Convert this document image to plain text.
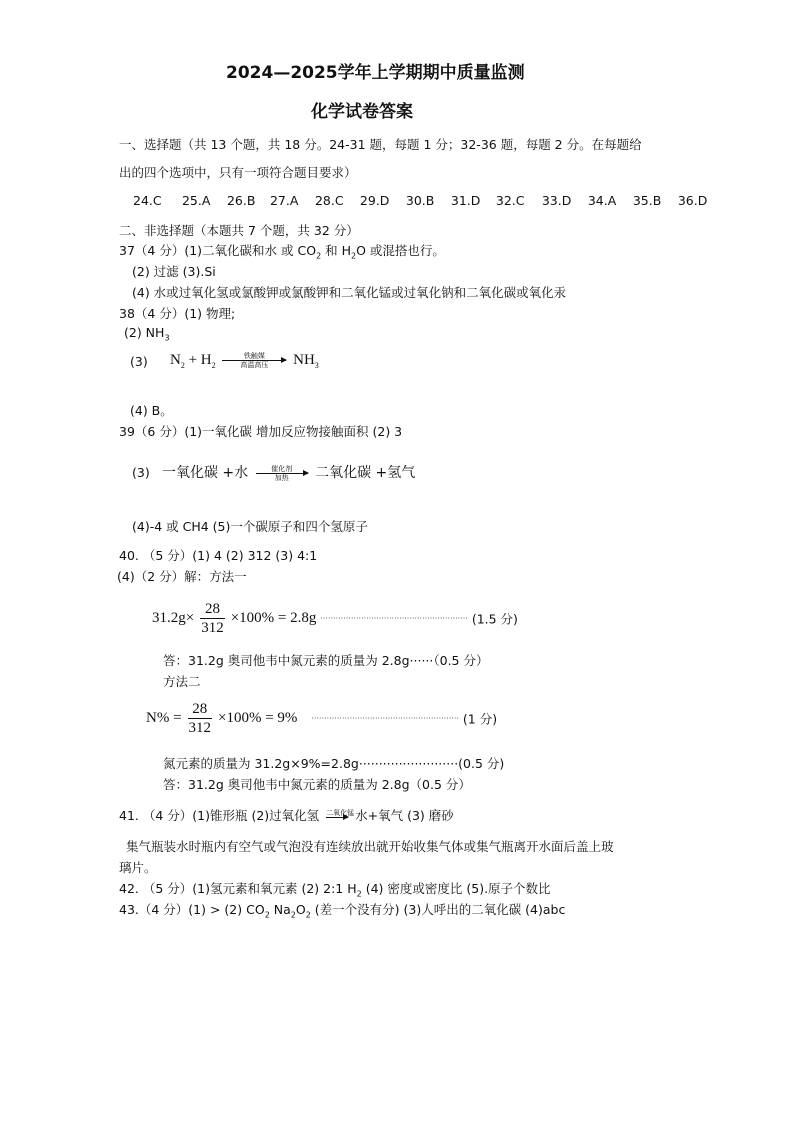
2024—2025学年上学期期中质量监测
化学试卷答案
一、选择题（共 13 个题，共 18 分。24-31 题，每题 1 分；32-36 题，每题 2 分。在每题给
出的四个选项中，只有一项符合题目要求）
24.C 25.A 26.B 27.A 28.C 29.D 30.B 31.D 32.C 33.D 34.A 35.B 36.D
二、非选择题（本题共 7 个题，共 32 分）
37（4 分）(1)二氧化碳和水 或 $CO_2$ 和 $H_2O$ 或混搭也行。
(2) 过滤 (3).Si
(4) 水或过氧化氢或氯酸钾或氯酸钾和二氧化锰或过氧化钠和二氧化碳或氧化汞
38（4 分）(1) 物理;
(2) $NH_3$
(3) $N_2 + H_2$
铁触媒
高温高压	$NH_3$
(4) B。
39（6 分）(1)一氧化碳 增加反应物接触面积 (2) 3
(3) 一氧化碳 +水	催化剂
加热	二氧化碳 +氢气
(4)-4 或 CH4 (5)一个碳原子和四个氢原子
40. （5 分）(1) 4 (2) 312 (3) 4:1
(4)（2 分）解：方法一
$31.2g\times \frac{28}{312} \times 100\% = 2.8g$ ·························································· (1.5 分)
答：31.2g 奥司他韦中氮元素的质量为 2.8g······（0.5 分）
方法二
$N\% = \frac{28}{312} \times 100\% = 9\%$ ·························································· (1 分)
氮元素的质量为 31.2g×9%=2.8g·························(0.5 分)
答：31.2g 奥司他韦中氮元素的质量为 2.8g（0.5 分）
41. （4 分）(1)锥形瓶 (2)过氧化氢 二氧化锰 水+氧气 (3) 磨砂
集气瓶装水时瓶内有空气或气泡没有连续放出就开始收集气体或集气瓶离开水面后盖上玻
璃片。
42. （5 分）(1)氢元素和氧元素 (2) 2:1 $H_2$ (4) 密度或密度比 (5).原子个数比
43.（4 分）(1) > (2) $CO_2$ $Na_2O_2$ (差一个没有分) (3)人呼出的二氧化碳 (4)abc
